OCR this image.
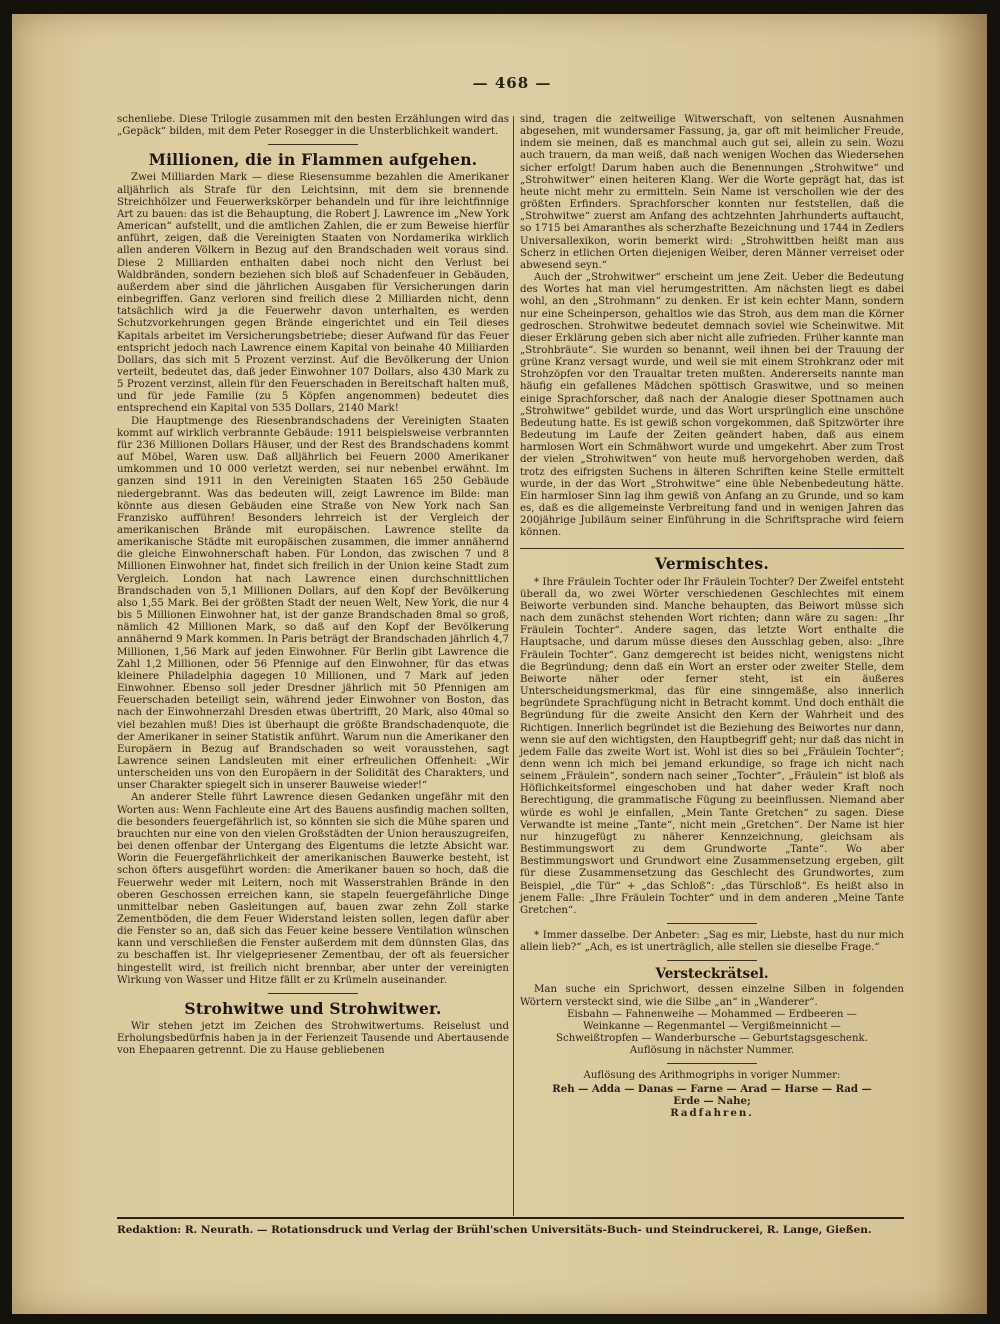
— 468 —

schenliebe. Diese Trilogie zusammen mit den besten Erzählungen wird das „Gepäck“ bilden, mit dem Peter Rosegger in die Unsterblichkeit wandert.

Millionen, die in Flammen aufgehen.

Zwei Milliarden Mark — diese Riesensumme bezahlen die Amerikaner alljährlich als Strafe für den Leichtsinn, mit dem sie brennende Streichhölzer und Feuerwerkskörper behandeln und für ihre leichtfinnige Art zu bauen: das ist die Behauptung, die Robert J. Lawrence im „New York American“ aufstellt, und die amtlichen Zahlen, die er zum Beweise hierfür anführt, zeigen, daß die Vereinigten Staaten von Nordamerika wirklich allen anderen Völkern in Bezug auf den Brandschaden weit voraus sind. Diese 2 Milliarden enthalten dabei noch nicht den Verlust bei Waldbränden, sondern beziehen sich bloß auf Schadenfeuer in Gebäuden, außerdem aber sind die jährlichen Ausgaben für Versicherungen darin einbegriffen. Ganz verloren sind freilich diese 2 Milliarden nicht, denn tatsächlich wird ja die Feuerwehr davon unterhalten, es werden Schutzvorkehrungen gegen Brände eingerichtet und ein Teil dieses Kapitals arbeitet im Versicherungsbetriebe; dieser Aufwand für das Feuer entspricht jedoch nach Lawrence einem Kapital von beinahe 40 Milliarden Dollars, das sich mit 5 Prozent verzinst. Auf die Bevölkerung der Union verteilt, bedeutet das, daß jeder Einwohner 107 Dollars, also 430 Mark zu 5 Prozent verzinst, allein für den Feuerschaden in Bereitschaft halten muß, und für jede Familie (zu 5 Köpfen angenommen) bedeutet dies entsprechend ein Kapital von 535 Dollars, 2140 Mark!

Die Hauptmenge des Riesenbrandschadens der Vereinigten Staaten kommt auf wirklich verbrannte Gebäude: 1911 beispielsweise verbrannten für 236 Millionen Dollars Häuser, und der Rest des Brandschadens kommt auf Möbel, Waren usw. Daß alljährlich bei Feuern 2000 Amerikaner umkommen und 10 000 verletzt werden, sei nur nebenbei erwähnt. Im ganzen sind 1911 in den Vereinigten Staaten 165 250 Gebäude niedergebrannt. Was das bedeuten will, zeigt Lawrence im Bilde: man könnte aus diesen Gebäuden eine Straße von New York nach San Franzisko aufführen! Besonders lehrreich ist der Vergleich der amerikanischen Brände mit europäischen. Lawrence stellte da amerikanische Städte mit europäischen zusammen, die immer annähernd die gleiche Einwohnerschaft haben. Für London, das zwischen 7 und 8 Millionen Einwohner hat, findet sich freilich in der Union keine Stadt zum Vergleich. London hat nach Lawrence einen durchschnittlichen Brandschaden von 5,1 Millionen Dollars, auf den Kopf der Bevölkerung also 1,55 Mark. Bei der größten Stadt der neuen Welt, New York, die nur 4 bis 5 Millionen Einwohner hat, ist der ganze Brandschaden 8mal so groß, nämlich 42 Millionen Mark, so daß auf den Kopf der Bevölkerung annähernd 9 Mark kommen. In Paris beträgt der Brandschaden jährlich 4,7 Millionen, 1,56 Mark auf jeden Einwohner. Für Berlin gibt Lawrence die Zahl 1,2 Millionen, oder 56 Pfennige auf den Einwohner, für das etwas kleinere Philadelphia dagegen 10 Millionen, und 7 Mark auf jeden Einwohner. Ebenso soll jeder Dresdner jährlich mit 50 Pfennigen am Feuerschaden beteiligt sein, während jeder Einwohner von Boston, das nach der Einwohnerzahl Dresden etwas übertrifft, 20 Mark, also 40mal so viel bezahlen muß! Dies ist überhaupt die größte Brandschadenquote, die der Amerikaner in seiner Statistik anführt. Warum nun die Amerikaner den Europäern in Bezug auf Brandschaden so weit vorausstehen, sagt Lawrence seinen Landsleuten mit einer erfreulichen Offenheit: „Wir unterscheiden uns von den Europäern in der Solidität des Charakters, und unser Charakter spiegelt sich in unserer Bauweise wieder!“

An anderer Stelle führt Lawrence diesen Gedanken ungefähr mit den Worten aus: Wenn Fachleute eine Art des Bauens ausfindig machen sollten, die besonders feuergefährlich ist, so könnten sie sich die Mühe sparen und brauchten nur eine von den vielen Großstädten der Union herauszugreifen, bei denen offenbar der Untergang des Eigentums die letzte Absicht war. Worin die Feuergefährlichkeit der amerikanischen Bauwerke besteht, ist schon öfters ausgeführt worden: die Amerikaner bauen so hoch, daß die Feuerwehr weder mit Leitern, noch mit Wasserstrahlen Brände in den oberen Geschossen erreichen kann, sie stapeln feuergefährliche Dinge unmittelbar neben Gasleitungen auf, bauen zwar zehn Zoll starke Zementböden, die dem Feuer Widerstand leisten sollen, legen dafür aber die Fenster so an, daß sich das Feuer keine bessere Ventilation wünschen kann und verschließen die Fenster außerdem mit dem dünnsten Glas, das zu beschaffen ist. Ihr vielgepriesener Zementbau, der oft als feuersicher hingestellt wird, ist freilich nicht brennbar, aber unter der vereinigten Wirkung von Wasser und Hitze fällt er zu Krümeln auseinander.

Strohwitwe und Strohwitwer.

Wir stehen jetzt im Zeichen des Strohwitwertums. Reiselust und Erholungsbedürfnis haben ja in der Ferienzeit Tausende und Abertausende von Ehepaaren getrennt. Die zu Hause gebliebenen

sind, tragen die zeitweilige Witwerschaft, von seltenen Ausnahmen abgesehen, mit wundersamer Fassung, ja, gar oft mit heimlicher Freude, indem sie meinen, daß es manchmal auch gut sei, allein zu sein. Wozu auch trauern, da man weiß, daß nach wenigen Wochen das Wiedersehen sicher erfolgt! Darum haben auch die Benennungen „Strohwitwe“ und „Strohwitwer“ einen heiteren Klang. Wer die Worte geprägt hat, das ist heute nicht mehr zu ermitteln. Sein Name ist verschollen wie der des größten Erfinders. Sprachforscher konnten nur feststellen, daß die „Strohwitwe“ zuerst am Anfang des achtzehnten Jahrhunderts auftaucht, so 1715 bei Amaranthes als scherzhafte Bezeichnung und 1744 in Zedlers Universallexikon, worin bemerkt wird: „Strohwittben heißt man aus Scherz in etlichen Orten diejenigen Weiber, deren Männer verreiset oder abwesend seyn.“

Auch der „Strohwitwer“ erscheint um jene Zeit. Ueber die Bedeutung des Wortes hat man viel herumgestritten. Am nächsten liegt es dabei wohl, an den „Strohmann“ zu denken. Er ist kein echter Mann, sondern nur eine Scheinperson, gehaltlos wie das Stroh, aus dem man die Körner gedroschen. Strohwitwe bedeutet demnach soviel wie Scheinwitwe. Mit dieser Erklärung geben sich aber nicht alle zufrieden. Früher kannte man „Strohbräute“. Sie wurden so benannt, weil ihnen bei der Trauung der grüne Kranz versagt wurde, und weil sie mit einem Strohkranz oder mit Strohzöpfen vor den Traualtar treten mußten. Andererseits nannte man häufig ein gefallenes Mädchen spöttisch Graswitwe, und so meinen einige Sprachforscher, daß nach der Analogie dieser Spottnamen auch „Strohwitwe“ gebildet wurde, und das Wort ursprünglich eine unschöne Bedeutung hatte. Es ist gewiß schon vorgekommen, daß Spitzwörter ihre Bedeutung im Laufe der Zeiten geändert haben, daß aus einem harmlosen Wort ein Schmähwort wurde und umgekehrt. Aber zum Trost der vielen „Strohwitwen“ von heute muß hervorgehoben werden, daß trotz des eifrigsten Suchens in älteren Schriften keine Stelle ermittelt wurde, in der das Wort „Strohwitwe“ eine üble Nebenbedeutung hätte. Ein harmloser Sinn lag ihm gewiß von Anfang an zu Grunde, und so kam es, daß es die allgemeinste Verbreitung fand und in wenigen Jahren das 200jährige Jubiläum seiner Einführung in die Schriftsprache wird feiern können.

Vermischtes.

* Ihre Fräulein Tochter oder Ihr Fräulein Tochter? Der Zweifel entsteht überall da, wo zwei Wörter verschiedenen Geschlechtes mit einem Beiworte verbunden sind. Manche behaupten, das Beiwort müsse sich nach dem zunächst stehenden Wort richten; dann wäre zu sagen: „Ihr Fräulein Tochter“. Andere sagen, das letzte Wort enthalte die Hauptsache, und darum müsse dieses den Ausschlag geben, also: „Ihre Fräulein Tochter“. Ganz demgerecht ist beides nicht, wenigstens nicht die Begründung; denn daß ein Wort an erster oder zweiter Stelle, dem Beiworte näher oder ferner steht, ist ein äußeres Unterscheidungsmerkmal, das für eine sinngemäße, also innerlich begründete Sprachfügung nicht in Betracht kommt. Und doch enthält die Begründung für die zweite Ansicht den Kern der Wahrheit und des Richtigen. Innerlich begründet ist die Beziehung des Beiwortes nur dann, wenn sie auf den wichtigsten, den Hauptbegriff geht; nur daß das nicht in jedem Falle das zweite Wort ist. Wohl ist dies so bei „Fräulein Tochter“; denn wenn ich mich bei jemand erkundige, so frage ich nicht nach seinem „Fräulein“, sondern nach seiner „Tochter“, „Fräulein“ ist bloß als Höflichkeitsformel eingeschoben und hat daher weder Kraft noch Berechtigung, die grammatische Fügung zu beeinflussen. Niemand aber würde es wohl je einfallen, „Mein Tante Gretchen“ zu sagen. Diese Verwandte ist meine „Tante“, nicht mein „Gretchen“. Der Name ist hier nur hinzugefügt zu näherer Kennzeichnung, gleichsam als Bestimmungswort zu dem Grundworte „Tante“. Wo aber Bestimmungswort und Grundwort eine Zusammensetzung ergeben, gilt für diese Zusammensetzung das Geschlecht des Grundwortes, zum Beispiel, „die Tür“ + „das Schloß“: „das Türschloß“. Es heißt also in jenem Falle: „Ihre Fräulein Tochter“ und in dem anderen „Meine Tante Gretchen“.

* Immer dasselbe. Der Anbeter: „Sag es mir, Liebste, hast du nur mich allein lieb?“ „Ach, es ist unerträglich, alle stellen sie dieselbe Frage.“

Versteckrätsel.

Man suche ein Sprichwort, dessen einzelne Silben in folgenden Wörtern versteckt sind, wie die Silbe „an“ in „Wanderer“.

Eisbahn — Fahnenweihe — Mohammed — Erdbeeren —

Weinkanne — Regenmantel — Vergißmeinnicht —

Schweißtropfen — Wanderbursche — Geburtstagsgeschenk.

Auflösung in nächster Nummer.

Auflösung des Arithmogriphs in voriger Nummer:

Reh — Adda — Danas — Farne — Arad — Harse — Rad —

Erde — Nahe;

Radfahren.

Redaktion: R. Neurath. — Rotationsdruck und Verlag der Brühl'schen Universitäts-Buch- und Steindruckerei, R. Lange, Gießen.
